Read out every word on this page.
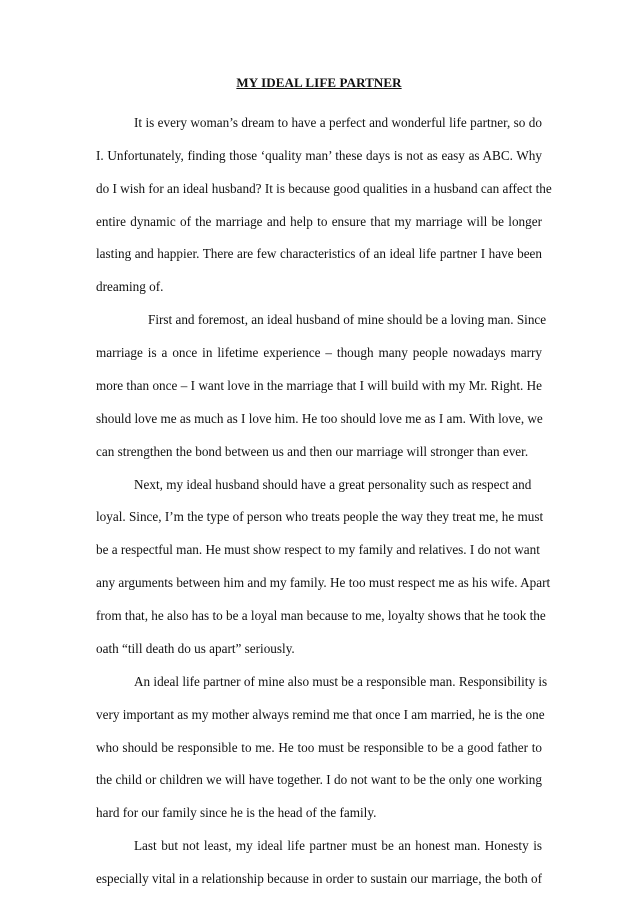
MY IDEAL LIFE PARTNER
It is every woman’s dream to have a perfect and wonderful life partner, so do
I. Unfortunately, finding those ‘quality man’ these days is not as easy as ABC. Why
do I wish for an ideal husband? It is because good qualities in a husband can affect the
entire dynamic of the marriage and help to ensure that my marriage will be longer
lasting and happier. There are few characteristics of an ideal life partner I have been
dreaming of.
First and foremost, an ideal husband of mine should be a loving man. Since
marriage is a once in lifetime experience – though many people nowadays marry
more than once – I want love in the marriage that I will build with my Mr. Right. He
should love me as much as I love him. He too should love me as I am. With love, we
can strengthen the bond between us and then our marriage will stronger than ever.
Next, my ideal husband should have a great personality such as respect and
loyal. Since, I’m the type of person who treats people the way they treat me, he must
be a respectful man. He must show respect to my family and relatives. I do not want
any arguments between him and my family. He too must respect me as his wife. Apart
from that, he also has to be a loyal man because to me, loyalty shows that he took the
oath “till death do us apart” seriously.
An ideal life partner of mine also must be a responsible man. Responsibility is
very important as my mother always remind me that once I am married, he is the one
who should be responsible to me. He too must be responsible to be a good father to
the child or children we will have together. I do not want to be the only one working
hard for our family since he is the head of the family.
Last but not least, my ideal life partner must be an honest man. Honesty is
especially vital in a relationship because in order to sustain our marriage, the both of
